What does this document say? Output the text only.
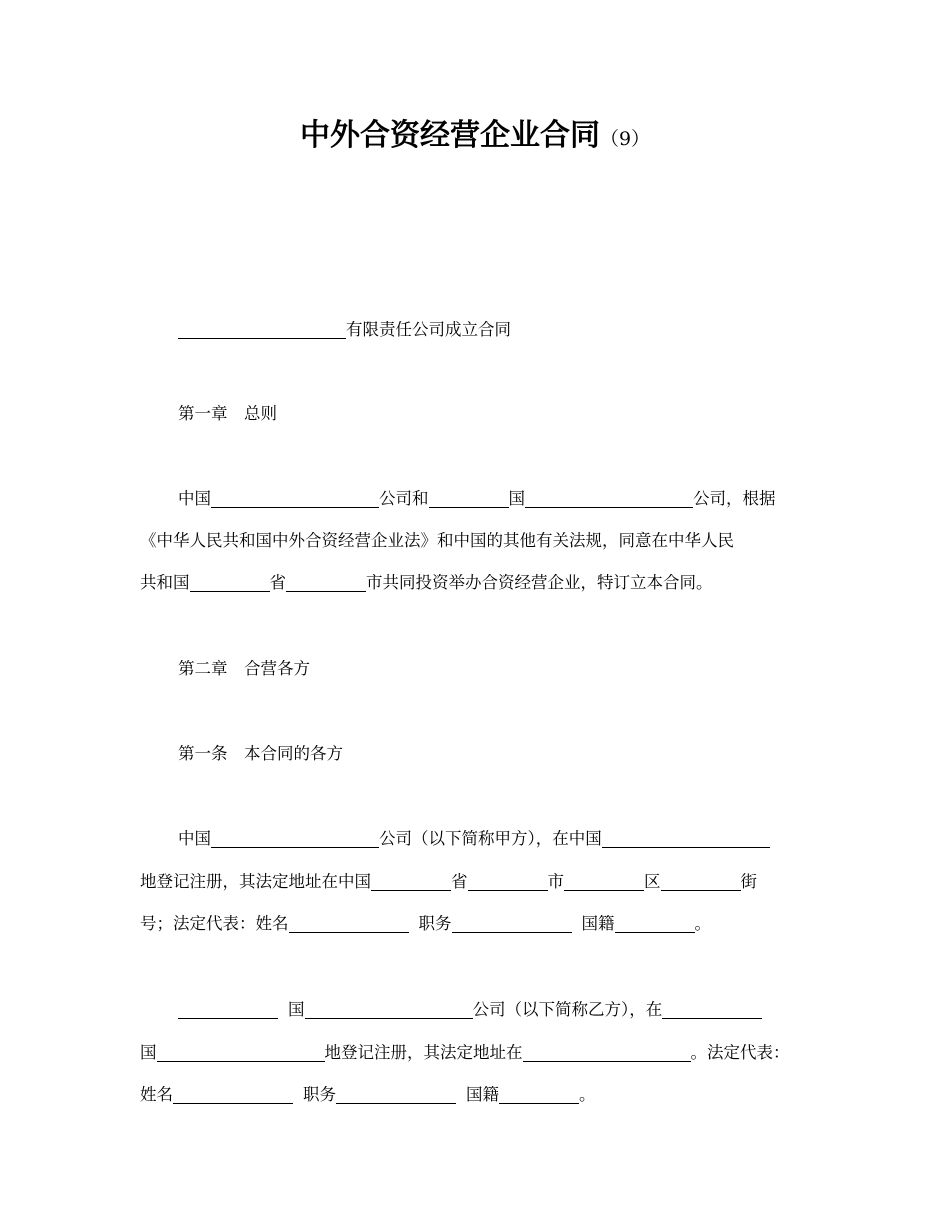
中外合资经营企业合同（9）
有限责任公司成立合同
第一章　总则
中国	公司和	国	公司，根据
《中华人民共和国中外合资经营企业法》和中国的其他有关法规，同意在中华人民
共和国	省	市共同投资举办合资经营企业，特订立本合同。
第二章　合营各方
第一条　本合同的各方
中国	公司（以下简称甲方），在中国
地登记注册，其法定地址在中国	省	市	区	街
号；法定代表：姓名	职务	国籍	。
国	公司（以下简称乙方），在
国	地登记注册，其法定地址在	。法定代表：
姓名	职务	国籍	。
